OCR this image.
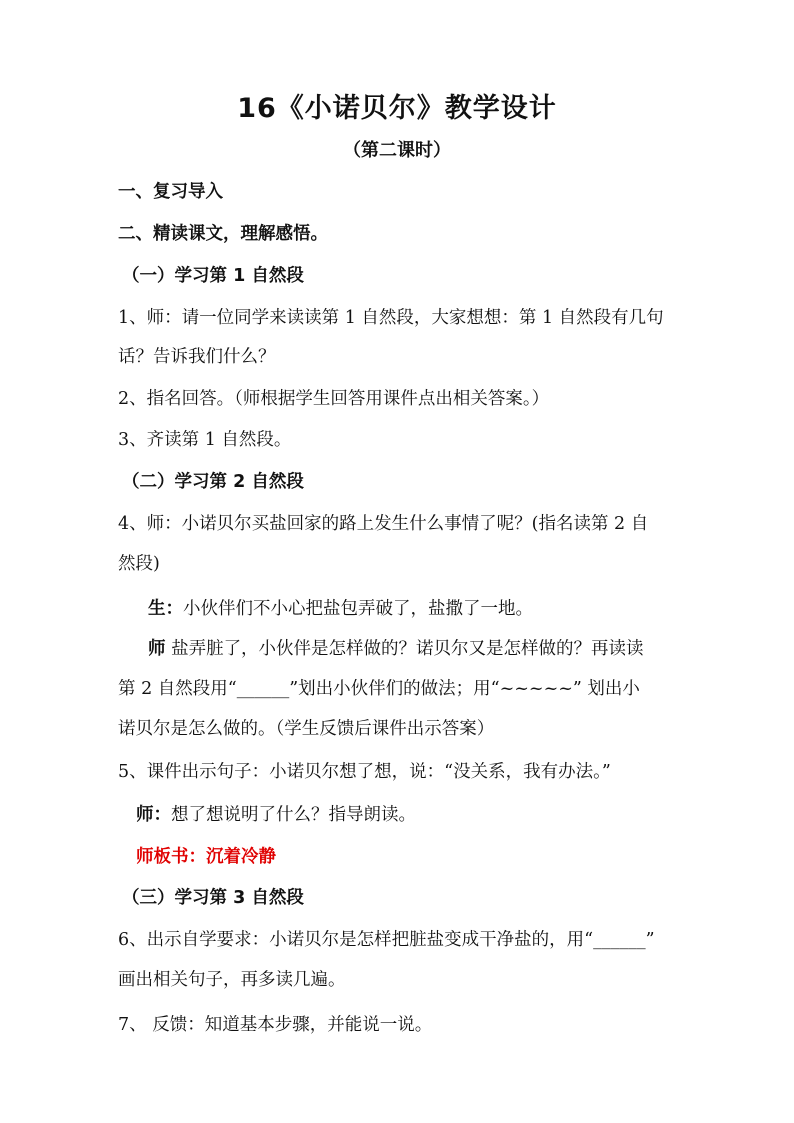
16《小诺贝尔》教学设计
（第二课时）
一、复习导入
二、精读课文，理解感悟。
（一）学习第 1 自然段
1、师：请一位同学来读读第 1 自然段，大家想想：第 1 自然段有几句
话？告诉我们什么？
2、指名回答。（师根据学生回答用课件点出相关答案。）
3、齐读第 1 自然段。
（二）学习第 2 自然段
4、师：小诺贝尔买盐回家的路上发生什么事情了呢？(指名读第 2 自
然段)
生：小伙伴们不小心把盐包弄破了，盐撒了一地。
师 盐弄脏了，小伙伴是怎样做的？诺贝尔又是怎样做的？再读读
第 2 自然段用“______”划出小伙伴们的做法；用“~~~~~” 划出小
诺贝尔是怎么做的。（学生反馈后课件出示答案）
5、课件出示句子：小诺贝尔想了想，说：“没关系，我有办法。”
师：想了想说明了什么？指导朗读。
师板书：沉着冷静
（三）学习第 3 自然段
6、出示自学要求：小诺贝尔是怎样把脏盐变成干净盐的，用“______”
画出相关句子，再多读几遍。
7、 反馈：知道基本步骤，并能说一说。
